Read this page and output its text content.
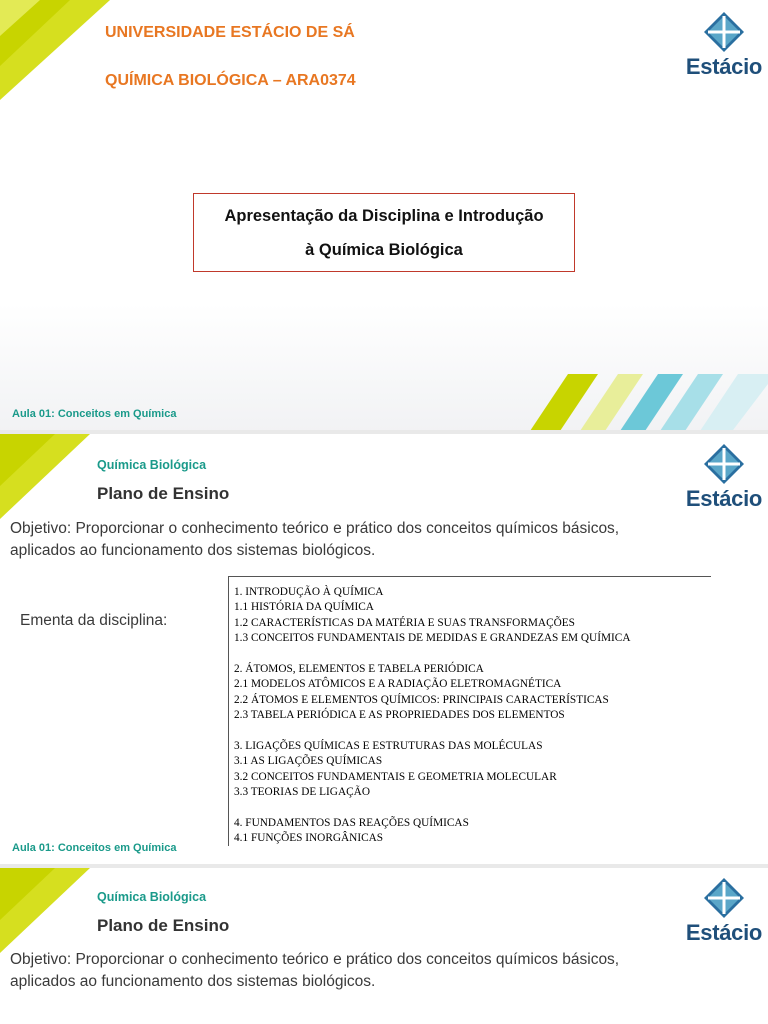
UNIVERSIDADE ESTÁCIO DE SÁ
QUÍMICA BIOLÓGICA – ARA0374
Estácio
Apresentação da Disciplina e Introdução
à Química Biológica
Aula 01: Conceitos em Química
Química Biológica
Plano de Ensino	Estácio
Objetivo: Proporcionar o conhecimento teórico e prático dos conceitos químicos básicos,
aplicados ao funcionamento dos sistemas biológicos.
Ementa da disciplina:
1. INTRODUÇÃO À QUÍMICA
1.1 HISTÓRIA DA QUÍMICA
1.2 CARACTERÍSTICAS DA MATÉRIA E SUAS TRANSFORMAÇÕES
1.3 CONCEITOS FUNDAMENTAIS DE MEDIDAS E GRANDEZAS EM QUÍMICA
2. ÁTOMOS, ELEMENTOS E TABELA PERIÓDICA
2.1 MODELOS ATÔMICOS E A RADIAÇÃO ELETROMAGNÉTICA
2.2 ÁTOMOS E ELEMENTOS QUÍMICOS: PRINCIPAIS CARACTERÍSTICAS
2.3 TABELA PERIÓDICA E AS PROPRIEDADES DOS ELEMENTOS
3. LIGAÇÕES QUÍMICAS E ESTRUTURAS DAS MOLÉCULAS
3.1 AS LIGAÇÕES QUÍMICAS
3.2 CONCEITOS FUNDAMENTAIS E GEOMETRIA MOLECULAR
3.3 TEORIAS DE LIGAÇÃO
4. FUNDAMENTOS DAS REAÇÕES QUÍMICAS
4.1 FUNÇÕES INORGÂNICAS
Aula 01: Conceitos em Química
Química Biológica
Plano de Ensino	Estácio
Objetivo: Proporcionar o conhecimento teórico e prático dos conceitos químicos básicos,
aplicados ao funcionamento dos sistemas biológicos.
